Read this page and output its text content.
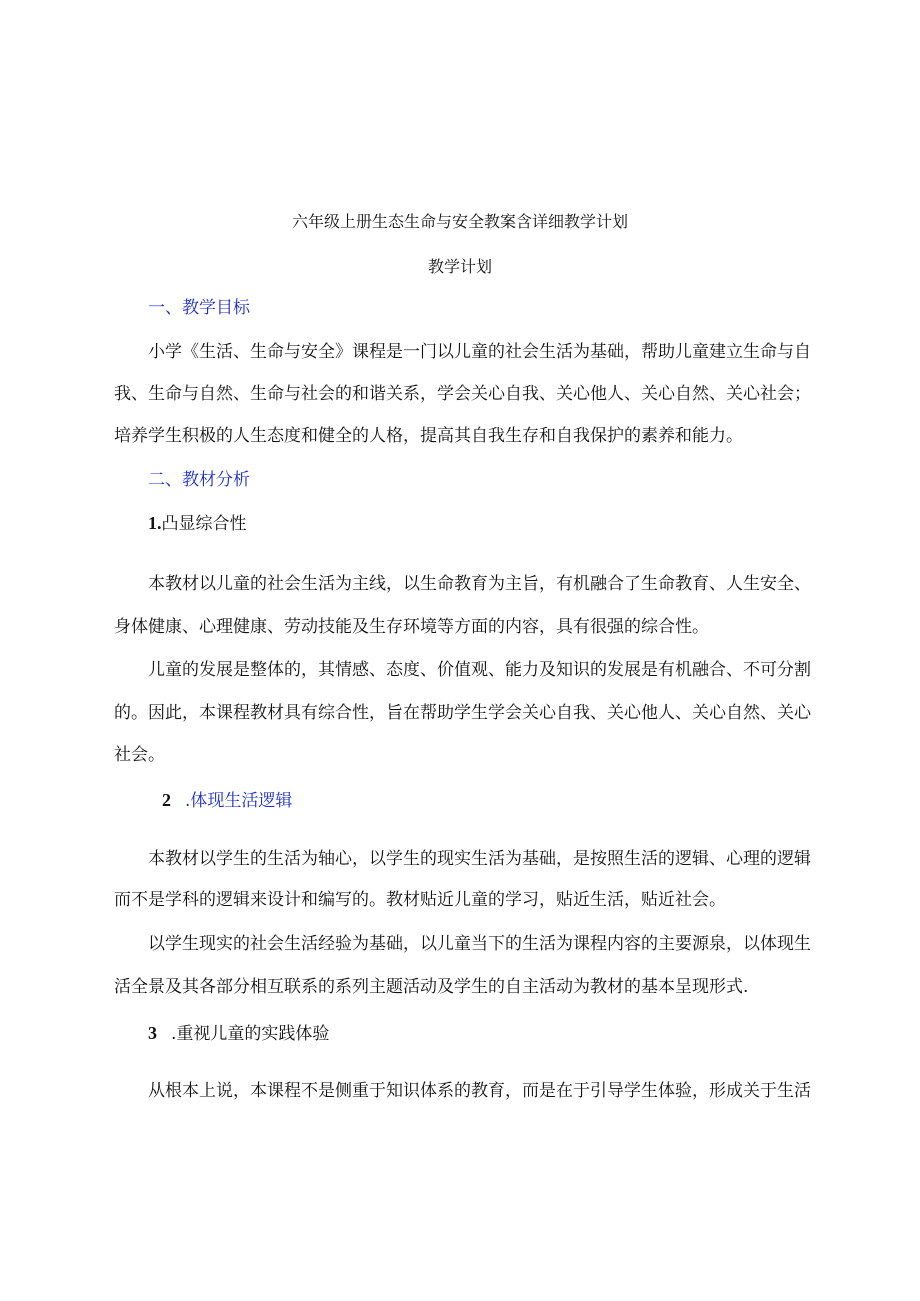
六年级上册生态生命与安全教案含详细教学计划
教学计划
一、教学目标
小学《生活、生命与安全》课程是一门以儿童的社会生活为基础，帮助儿童建立生命与自
我、生命与自然、生命与社会的和谐关系，学会关心自我、关心他人、关心自然、关心社会；
培养学生积极的人生态度和健全的人格，提高其自我生存和自我保护的素养和能力。
二、教材分析
1.凸显综合性
本教材以儿童的社会生活为主线，以生命教育为主旨，有机融合了生命教育、人生安全、
身体健康、心理健康、劳动技能及生存环境等方面的内容，具有很强的综合性。
儿童的发展是整体的，其情感、态度、价值观、能力及知识的发展是有机融合、不可分割
的。因此，本课程教材具有综合性，旨在帮助学生学会关心自我、关心他人、关心自然、关心
社会。
2 .体现生活逻辑
本教材以学生的生活为轴心，以学生的现实生活为基础，是按照生活的逻辑、心理的逻辑
而不是学科的逻辑来设计和编写的。教材贴近儿童的学习，贴近生活，贴近社会。
以学生现实的社会生活经验为基础，以儿童当下的生活为课程内容的主要源泉，以体现生
活全景及其各部分相互联系的系列主题活动及学生的自主活动为教材的基本呈现形式.
3 .重视儿童的实践体验
从根本上说，本课程不是侧重于知识体系的教育，而是在于引导学生体验，形成关于生活
